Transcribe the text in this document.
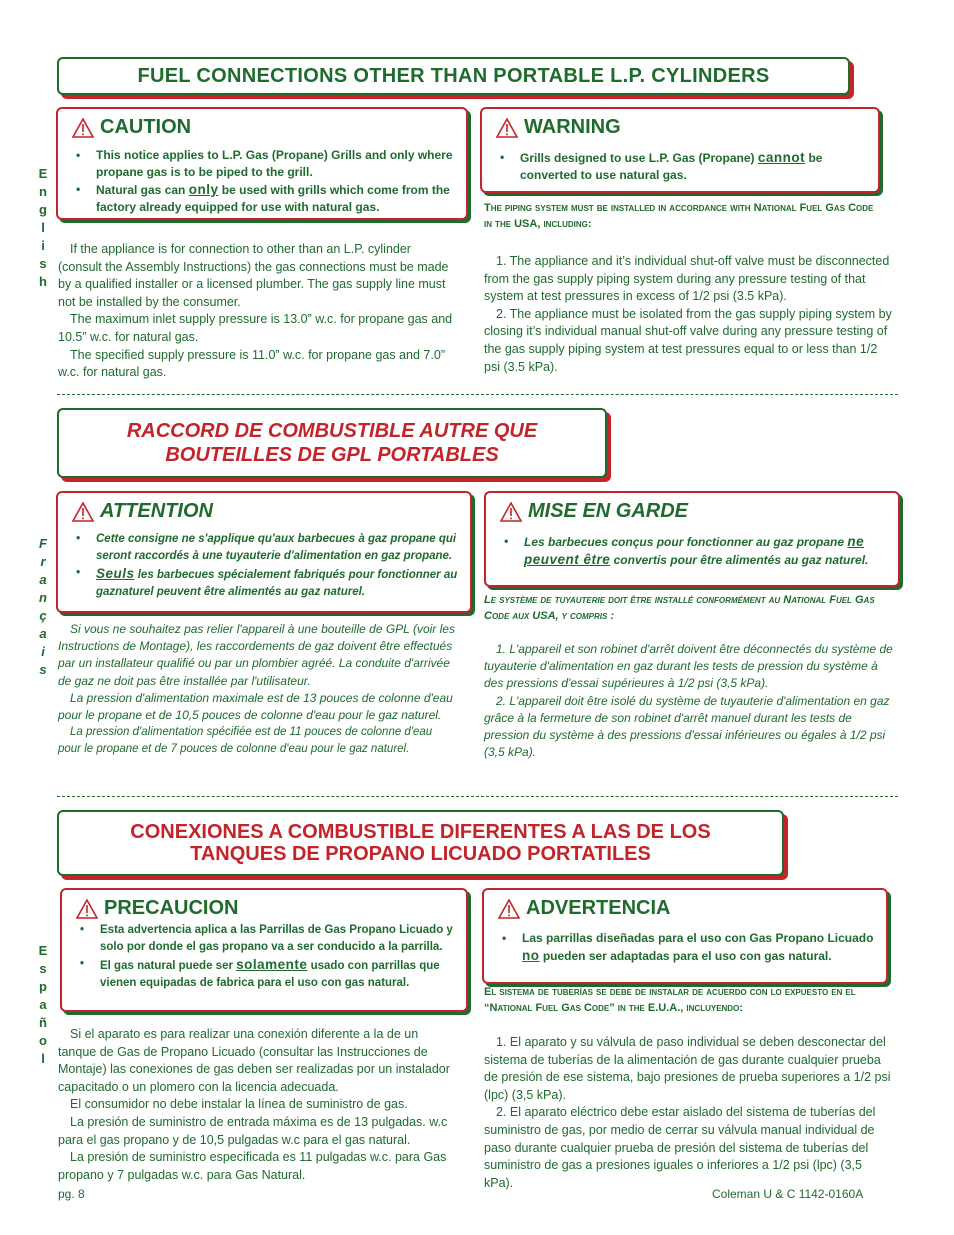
FUEL CONNECTIONS OTHER THAN PORTABLE L.P. CYLINDERS
E
n
g
l
i
s
h
CAUTION
• This notice applies to L.P. Gas (Propane) Grills and only where propane gas is to be piped to the grill.
• Natural gas can only be used with grills which come from the factory already equipped for use with natural gas.
WARNING
• Grills designed to use L.P. Gas (Propane) cannot be converted to use natural gas.

If the appliance is for connection to other than an L.P. cylinder (consult the Assembly Instructions) the gas connections must be made by a qualified installer or a licensed plumber. The gas supply line must not be installed by the consumer.

The maximum inlet supply pressure is 13.0” w.c. for propane gas and 10.5” w.c. for natural gas.

The specified supply pressure is 11.0” w.c. for propane gas and 7.0” w.c. for natural gas.

The piping system must be installed in accordance with National Fuel Gas Code in the USA, including:

1. The appliance and it’s individual shut-off valve must be disconnected from the gas supply piping system during any pressure testing of that system at test pressures in excess of 1/2 psi (3.5 kPa).

2. The appliance must be isolated from the gas supply piping system by closing it’s individual manual shut-off valve during any pressure testing of the gas supply piping system at test pressures equal to or less than 1/2 psi (3.5 kPa).

RACCORD DE COMBUSTIBLE AUTRE QUE
BOUTEILLES DE GPL PORTABLES
F
r
a
n
ç
a
i
s
ATTENTION
• Cette consigne ne s'applique qu'aux barbecues à gaz propane qui seront raccordés à une tuyauterie d'alimentation en gaz propane.
• Seuls les barbecues spécialement fabriqués pour fonctionner au gaznaturel peuvent être alimentés au gaz naturel.
MISE EN GARDE
• Les barbecues conçus pour fonctionner au gaz propane ne peuvent être convertis pour être alimentés au gaz naturel.

Si vous ne souhaitez pas relier l'appareil à une bouteille de GPL (voir les Instructions de Montage), les raccordements de gaz doivent être effectués par un installateur qualifié ou par un plombier agréé. La conduite d'arrivée de gaz ne doit pas être installée par l'utilisateur.

La pression d'alimentation maximale est de 13 pouces de colonne d'eau pour le propane et de 10,5 pouces de colonne d'eau pour le gaz naturel.

La pression d'alimentation spécifiée est de 11 pouces de colonne d'eau pour le propane et de 7 pouces de colonne d'eau pour le gaz naturel.

Le système de tuyauterie doit être installé conformément au National Fuel Gas Code aux USA, y compris :

1. L'appareil et son robinet d'arrêt doivent être déconnectés du système de tuyauterie d'alimentation en gaz durant les tests de pression du système à des pressions d'essai supérieures à 1/2 psi (3,5 kPa).

2. L'appareil doit être isolé du système de tuyauterie d'alimentation en gaz grâce à la fermeture de son robinet d'arrêt manuel durant les tests de pression du système à des pressions d'essai inférieures ou égales à 1/2 psi (3,5 kPa).

CONEXIONES A COMBUSTIBLE DIFERENTES A LAS DE LOS
TANQUES DE PROPANO LICUADO PORTATILES
E
s
p
a
ñ
o
l
PRECAUCION
• Esta advertencia aplica a las Parrillas de Gas Propano Licuado y solo por donde el gas propano va a ser conducido a la parrilla.
• El gas natural puede ser solamente usado con parrillas que vienen equipadas de fabrica para el uso con gas natural.
ADVERTENCIA
• Las parrillas diseñadas para el uso con Gas Propano Licuado no pueden ser adaptadas para el uso con gas natural.

Si el aparato es para realizar una conexión diferente a la de un tanque de Gas de Propano Licuado (consultar las Instrucciones de Montaje) las conexiones de gas deben ser realizadas por un instalador capacitado o un plomero con la licencia adecuada.

El consumidor no debe instalar la línea de suministro de gas.

La presión de suministro de entrada máxima es de 13 pulgadas. w.c para el gas propano y de 10,5 pulgadas w.c para el gas natural.

La presión de suministro especificada es 11 pulgadas w.c. para Gas propano y 7 pulgadas w.c. para Gas Natural.

El sistema de tuberías se debe de instalar de acuerdo con lo expuesto en el “National Fuel Gas Code” in the E.U.A., incluyendo:

1. El aparato y su válvula de paso individual se deben desconectar del sistema de tuberías de la alimentación de gas durante cualquier prueba de presión de ese sistema, bajo presiones de prueba superiores a 1/2 psi (lpc) (3,5 kPa).

2. El aparato eléctrico debe estar aislado del sistema de tuberías del suministro de gas, por medio de cerrar su válvula manual individual de paso durante cualquier prueba de presión del sistema de tuberías del suministro de gas a presiones iguales o inferiores a 1/2 psi (lpc) (3,5 kPa).

pg. 8	Coleman U & C 1142-0160A
